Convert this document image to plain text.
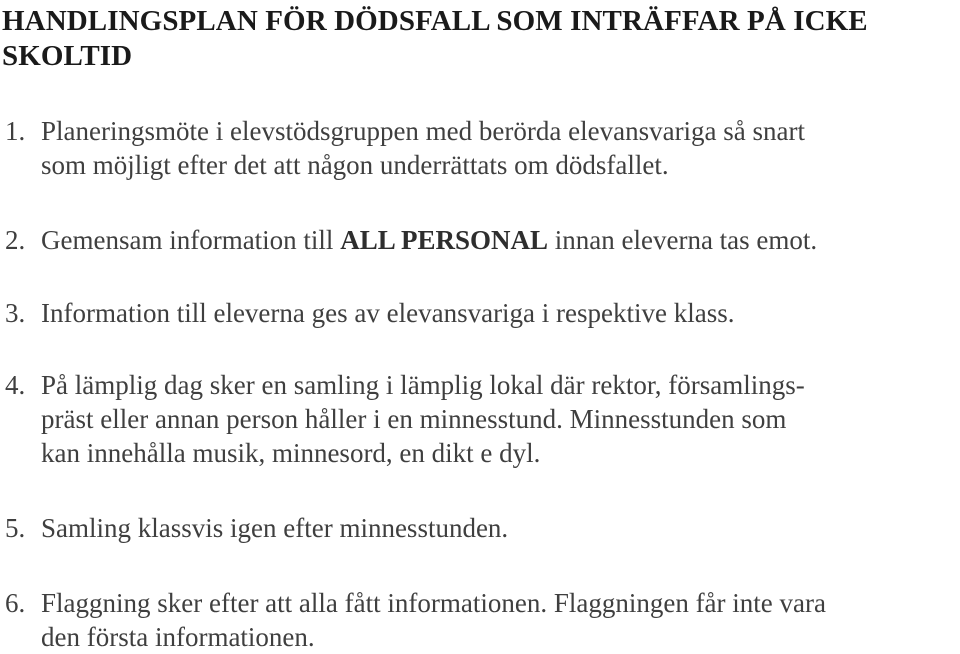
HANDLINGSPLAN FÖR DÖDSFALL SOM INTRÄFFAR PÅ ICKE SKOLTID
1. Planeringsmöte i elevstödsgruppen med berörda elevansvariga så snart
som möjligt efter det att någon underrättats om dödsfallet.
2. Gemensam information till ALL PERSONAL innan eleverna tas emot.
3. Information till eleverna ges av elevansvariga i respektive klass.
4. På lämplig dag sker en samling i lämplig lokal där rektor, församlings-
präst eller annan person håller i en minnesstund. Minnesstunden som
kan innehålla musik, minnesord, en dikt e dyl.
5. Samling klassvis igen efter minnesstunden.
6. Flaggning sker efter att alla fått informationen. Flaggningen får inte vara
den första informationen.
